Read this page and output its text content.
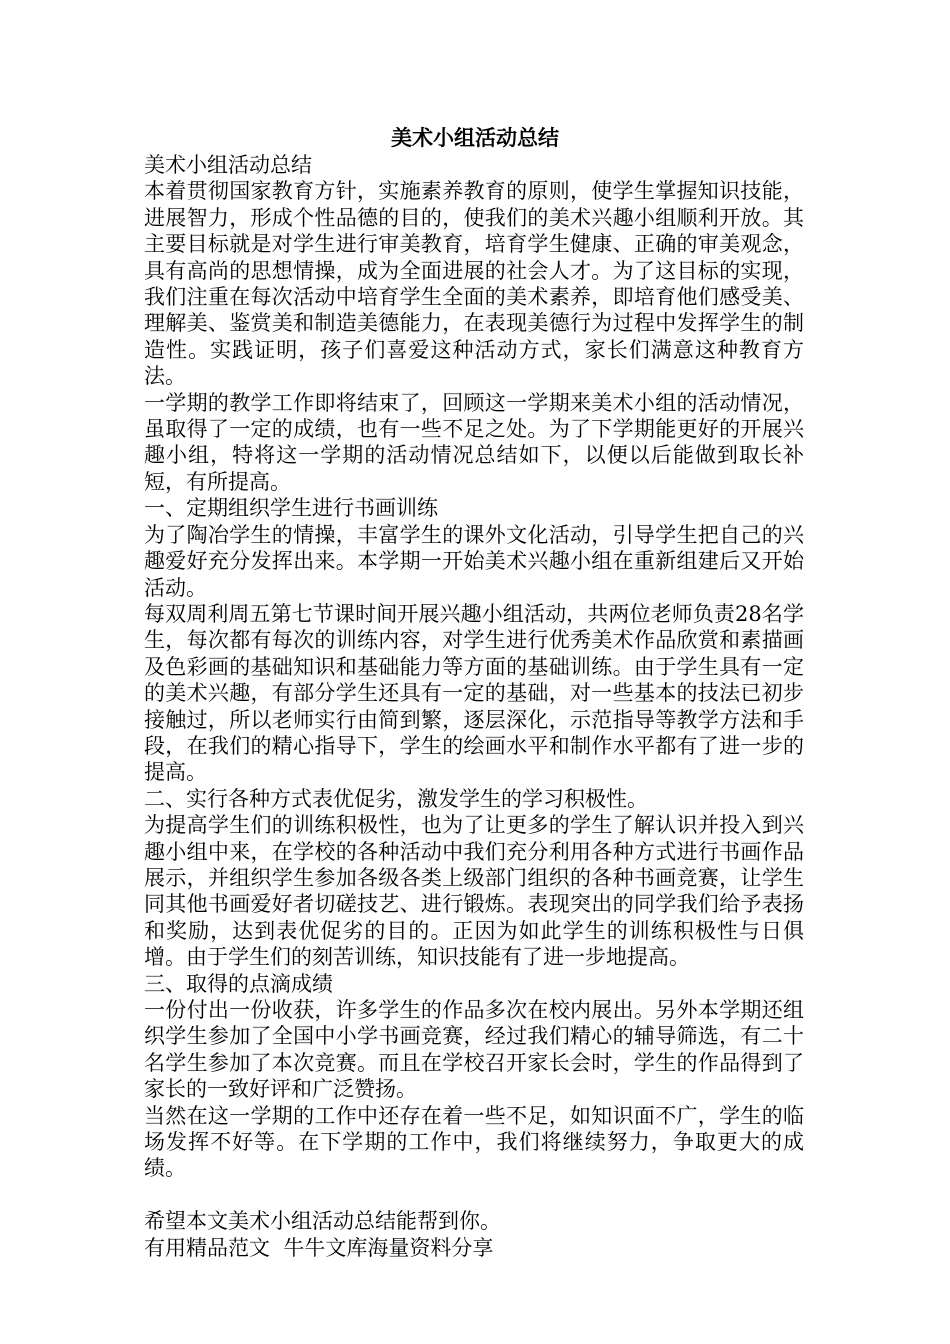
美术小组活动总结

美术小组活动总结

本着贯彻国家教育方针，实施素养教育的原则，使学生掌握知识技能，进展智力，形成个性品德的目的，使我们的美术兴趣小组顺利开放。其主要目标就是对学生进行审美教育，培育学生健康、正确的审美观念，具有高尚的思想情操，成为全面进展的社会人才。为了这目标的实现，我们注重在每次活动中培育学生全面的美术素养，即培育他们感受美、理解美、鉴赏美和制造美德能力，在表现美德行为过程中发挥学生的制造性。实践证明，孩子们喜爱这种活动方式，家长们满意这种教育方法。

一学期的教学工作即将结束了，回顾这一学期来美术小组的活动情况，虽取得了一定的成绩，也有一些不足之处。为了下学期能更好的开展兴趣小组，特将这一学期的活动情况总结如下，以便以后能做到取长补短，有所提高。

一、定期组织学生进行书画训练

为了陶冶学生的情操，丰富学生的课外文化活动，引导学生把自己的兴趣爱好充分发挥出来。本学期一开始美术兴趣小组在重新组建后又开始活动。

每双周利周五第七节课时间开展兴趣小组活动，共两位老师负责28名学生，每次都有每次的训练内容，对学生进行优秀美术作品欣赏和素描画及色彩画的基础知识和基础能力等方面的基础训练。由于学生具有一定的美术兴趣，有部分学生还具有一定的基础，对一些基本的技法已初步接触过，所以老师实行由简到繁，逐层深化，示范指导等教学方法和手段，在我们的精心指导下，学生的绘画水平和制作水平都有了进一步的提高。

二、实行各种方式表优促劣，激发学生的学习积极性。

为提高学生们的训练积极性，也为了让更多的学生了解认识并投入到兴趣小组中来，在学校的各种活动中我们充分利用各种方式进行书画作品展示，并组织学生参加各级各类上级部门组织的各种书画竞赛，让学生同其他书画爱好者切磋技艺、进行锻炼。表现突出的同学我们给予表扬和奖励，达到表优促劣的目的。正因为如此学生的训练积极性与日俱增。由于学生们的刻苦训练，知识技能有了进一步地提高。

三、取得的点滴成绩

一份付出一份收获，许多学生的作品多次在校内展出。另外本学期还组织学生参加了全国中小学书画竞赛，经过我们精心的辅导筛选，有二十名学生参加了本次竞赛。而且在学校召开家长会时，学生的作品得到了家长的一致好评和广泛赞扬。

当然在这一学期的工作中还存在着一些不足，如知识面不广，学生的临场发挥不好等。在下学期的工作中，我们将继续努力，争取更大的成绩。

希望本文美术小组活动总结能帮到你。

有用精品范文  牛牛文库海量资料分享
